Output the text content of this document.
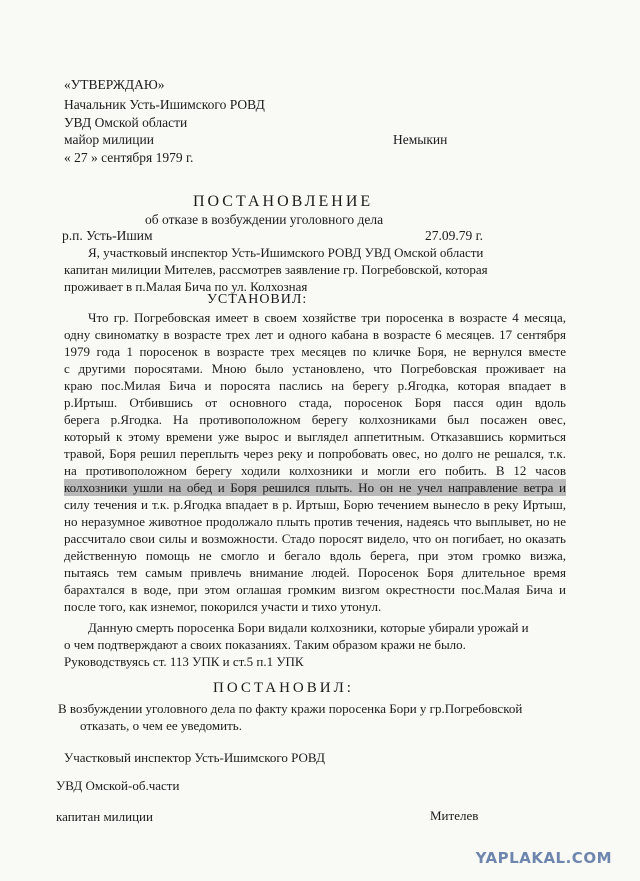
«УТВЕРЖДАЮ»
Начальник Усть-Ишимского РОВД
УВД Омской области
майор милиции	Немыкин
« 27 » сентября 1979 г.
ПОСТАНОВЛЕНИЕ
об отказе в возбуждении уголовного дела
р.п. Усть-Ишим	27.09.79 г.
Я, участковый инспектор Усть-Ишимского РОВД УВД Омской области
капитан милиции Мителев, рассмотрев заявление гр. Погребовской, которая
проживает в п.Малая Бича по ул. Колхозная
УСТАНОВИЛ:
Что гр. Погребовская имеет в своем хозяйстве три поросенка в возрасте 4 месяца,
одну свиноматку в возрасте трех лет и одного кабана в возрасте 6 месяцев. 17 сентября
1979 года 1 поросенок в возрасте трех месяцев по кличке Боря, не вернулся вместе
с другими поросятами. Мною было установлено, что Погребовская проживает на
краю пос.Милая Бича и поросята паслись на берегу р.Ягодка, которая впадает в
р.Иртыш. Отбившись от основного стада, поросенок Боря пасся один вдоль
берега р.Ягодка. На противоположном берегу колхозниками был посажен овес,
который к этому времени уже вырос и выглядел аппетитным. Отказавшись кормиться
травой, Боря решил переплыть через реку и попробовать овес, но долго не решался, т.к.
на противоположном берегу ходили колхозники и могли его побить. В 12 часов
колхозники ушли на обед и Боря решился плыть. Но он не учел направление ветра и
силу течения и т.к. р.Ягодка впадает в р. Иртыш, Борю течением вынесло в реку Иртыш,
но неразумное животное продолжало плыть против течения, надеясь что выплывет, но не
рассчитало свои силы и возможности. Стадо поросят видело, что он погибает, но оказать
действенную помощь не смогло и бегало вдоль берега, при этом громко визжа,
пытаясь тем самым привлечь внимание людей. Поросенок Боря длительное время
барахтался в воде, при этом оглашая громким визгом окрестности пос.Малая Бича и
после того, как изнемог, покорился участи и тихо утонул.
Данную смерть поросенка Бори видали колхозники, которые убирали урожай и
о чем подтверждают а своих показаниях. Таким образом кражи не было.
Руководствуясь ст. 113 УПК и ст.5 п.1 УПК
ПОСТАНОВИЛ:
В возбуждении уголовного дела по факту кражи поросенка Бори у гр.Погребовской
отказать, о чем ее уведомить.
Участковый инспектор Усть-Ишимского РОВД
УВД Омской-об.части
капитан милиции	Мителев
YAPLAKAL.COM
